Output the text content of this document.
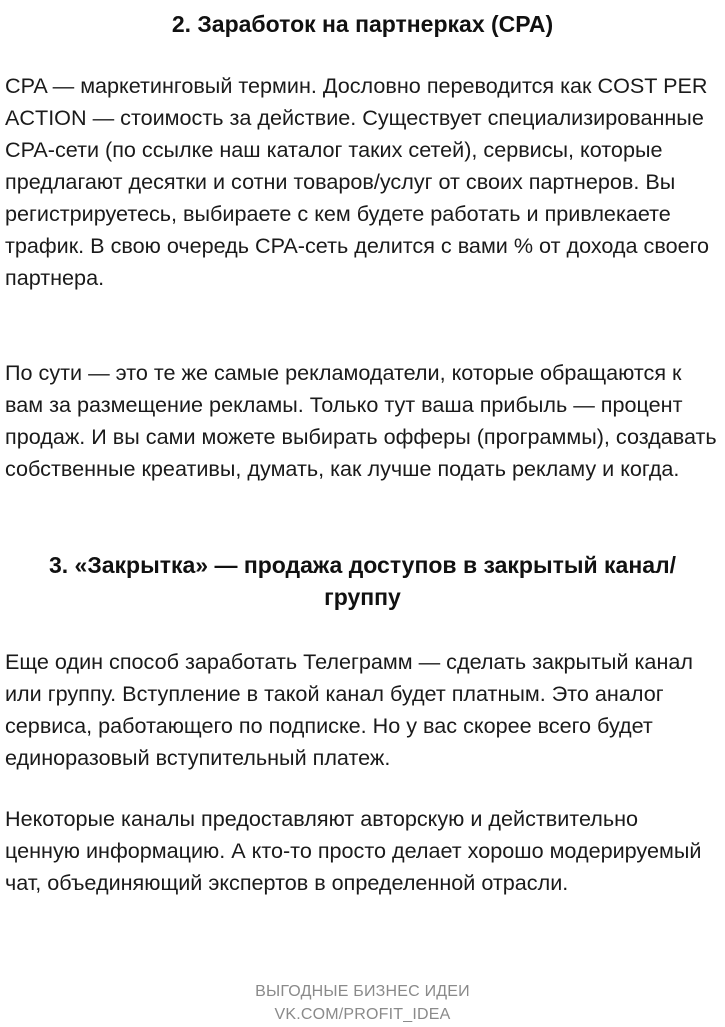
2. Заработок на партнерках (CPA)

CPA — маркетинговый термин. Дословно переводится как COST PER ACTION — стоимость за действие. Существует специализированные CPA-сети (по ссылке наш каталог таких сетей), сервисы, которые предлагают десятки и сотни товаров/услуг от своих партнеров. Вы регистрируетесь, выбираете с кем будете работать и привлекаете трафик. В свою очередь CPA-сеть делится с вами % от дохода своего партнера.

По сути — это те же самые рекламодатели, которые обращаются к вам за размещение рекламы. Только тут ваша прибыль — процент продаж. И вы сами можете выбирать офферы (программы), создавать собственные креативы, думать, как лучше подать рекламу и когда.

3. «Закрытка» — продажа доступов в закрытый канал/ группу

Еще один способ заработать Телеграмм — сделать закрытый канал или группу. Вступление в такой канал будет платным. Это аналог сервиса, работающего по подписке. Но у вас скорее всего будет единоразовый вступительный платеж.

Некоторые каналы предоставляют авторскую и действительно ценную информацию. А кто-то просто делает хорошо модерируемый чат, объединяющий экспертов в определенной отрасли.

ВЫГОДНЫЕ БИЗНЕС ИДЕИ
VK.COM/PROFIT_IDEA
